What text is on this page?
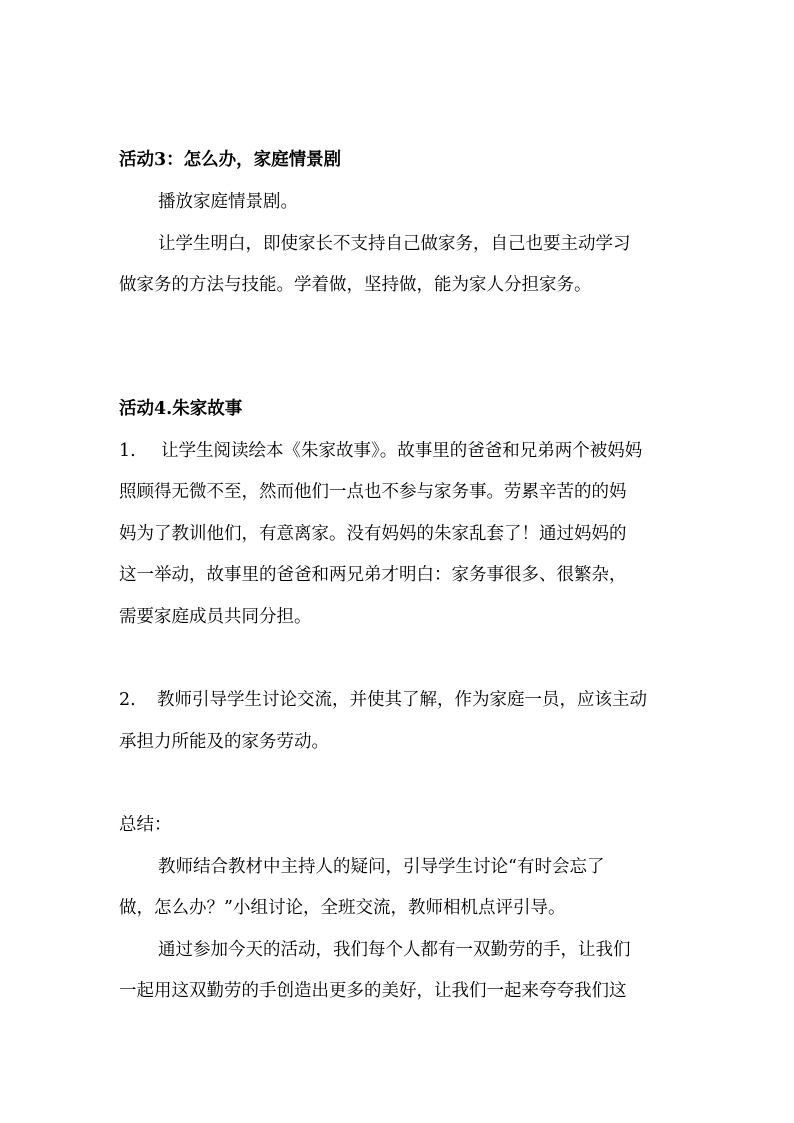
活动3：怎么办，家庭情景剧
播放家庭情景剧。
让学生明白，即使家长不支持自己做家务，自己也要主动学习
做家务的方法与技能。学着做，坚持做，能为家人分担家务。
活动4.朱家故事
1.	让学生阅读绘本《朱家故事》。故事里的爸爸和兄弟两个被妈妈
照顾得无微不至，然而他们一点也不参与家务事。劳累辛苦的的妈
妈为了教训他们，有意离家。没有妈妈的朱家乱套了！通过妈妈的
这一举动，故事里的爸爸和两兄弟才明白：家务事很多、很繁杂，
需要家庭成员共同分担。
2.	教师引导学生讨论交流，并使其了解，作为家庭一员，应该主动
承担力所能及的家务劳动。
总结：
教师结合教材中主持人的疑问，引导学生讨论“有时会忘了
做，怎么办？”小组讨论，全班交流，教师相机点评引导。
通过参加今天的活动，我们每个人都有一双勤劳的手，让我们
一起用这双勤劳的手创造出更多的美好，让我们一起来夸夸我们这
